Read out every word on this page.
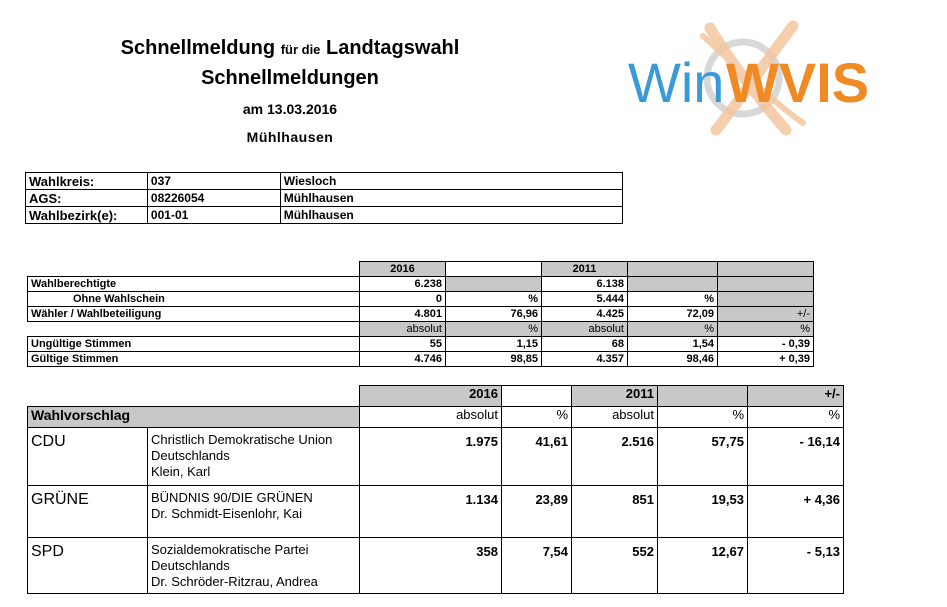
Schnellmeldung für die Landtagswahl
Schnellmeldungen
am 13.03.2016
Mühlhausen
Win WVIS
Wahlkreis:	037	Wiesloch
AGS:	08226054	Mühlhausen
Wahlbezirk(e):	001-01	Mühlhausen
	2016		2011		
Wahlberechtigte	6.238		6.138		
Ohne Wahlschein	0	%	5.444	%	
Wähler / Wahlbeteiligung	4.801	76,96	4.425	72,09	+/-
	absolut	%	absolut	%	%
Ungültige Stimmen	55	1,15	68	1,54	- 0,39
Gültige Stimmen	4.746	98,85	4.357	98,46	+ 0,39
		2016		2011		+/-
Wahlvorschlag		absolut	%	absolut	%	%
CDU	Christlich Demokratische Union
Deutschlands
Klein, Karl	1.975	41,61	2.516	57,75	- 16,14
GRÜNE	BÜNDNIS 90/DIE GRÜNEN
Dr. Schmidt-Eisenlohr, Kai	1.134	23,89	851	19,53	+ 4,36
SPD	Sozialdemokratische Partei
Deutschlands
Dr. Schröder-Ritzrau, Andrea	358	7,54	552	12,67	- 5,13
